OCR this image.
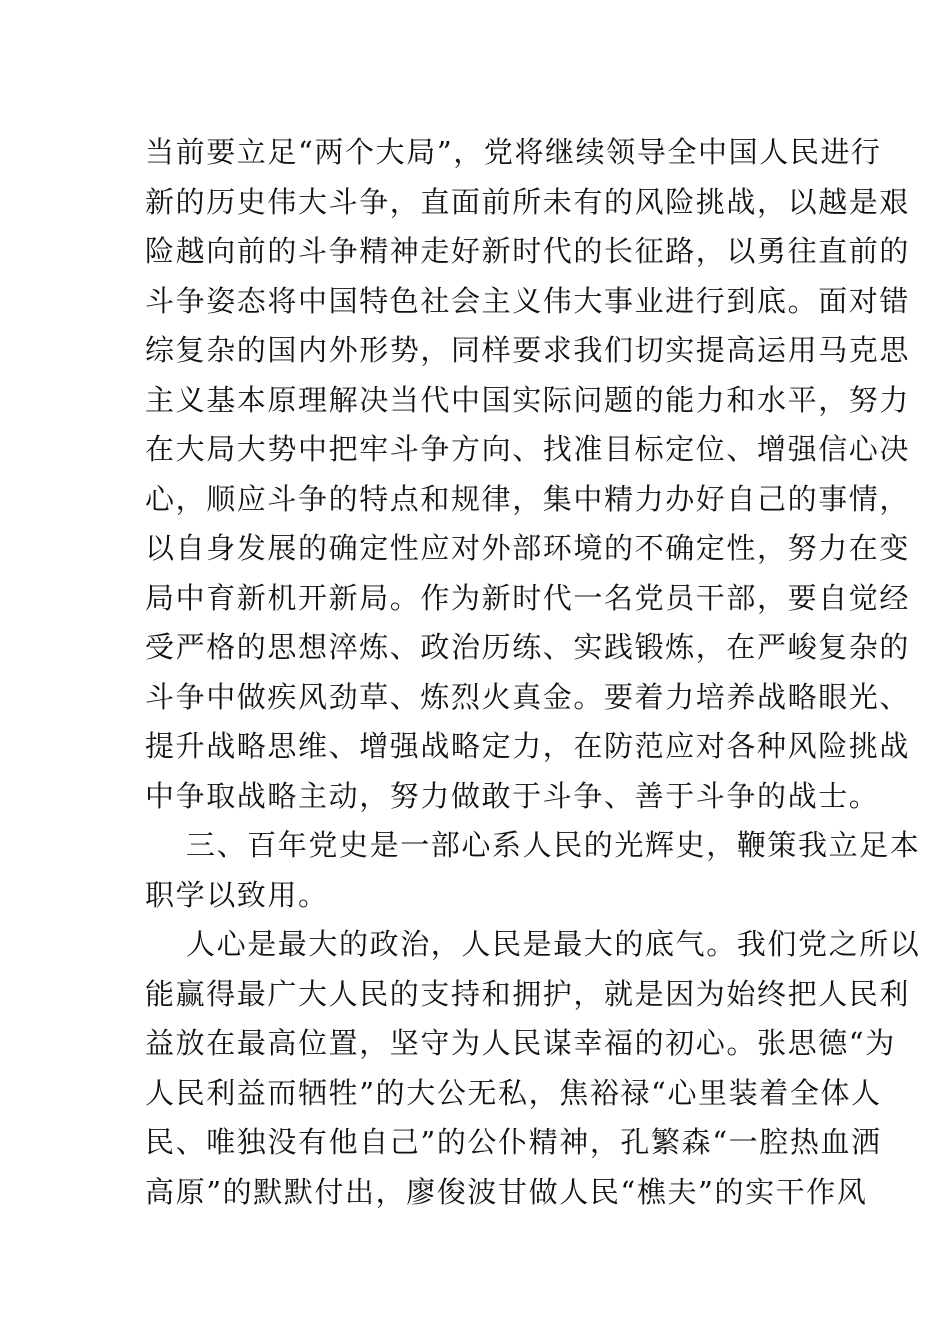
当前要立足“两个大局”，党将继续领导全中国人民进行
新的历史伟大斗争，直面前所未有的风险挑战，以越是艰
险越向前的斗争精神走好新时代的长征路，以勇往直前的
斗争姿态将中国特色社会主义伟大事业进行到底。面对错
综复杂的国内外形势，同样要求我们切实提高运用马克思
主义基本原理解决当代中国实际问题的能力和水平，努力
在大局大势中把牢斗争方向、找准目标定位、增强信心决
心，顺应斗争的特点和规律，集中精力办好自己的事情，
以自身发展的确定性应对外部环境的不确定性，努力在变
局中育新机开新局。作为新时代一名党员干部，要自觉经
受严格的思想淬炼、政治历练、实践锻炼，在严峻复杂的
斗争中做疾风劲草、炼烈火真金。要着力培养战略眼光、
提升战略思维、增强战略定力，在防范应对各种风险挑战
中争取战略主动，努力做敢于斗争、善于斗争的战士。
三、百年党史是一部心系人民的光辉史，鞭策我立足本
职学以致用。
人心是最大的政治，人民是最大的底气。我们党之所以
能赢得最广大人民的支持和拥护，就是因为始终把人民利
益放在最高位置，坚守为人民谋幸福的初心。张思德“为
人民利益而牺牲”的大公无私，焦裕禄“心里装着全体人
民、唯独没有他自己”的公仆精神，孔繁森“一腔热血洒
高原”的默默付出，廖俊波甘做人民“樵夫”的实干作风
